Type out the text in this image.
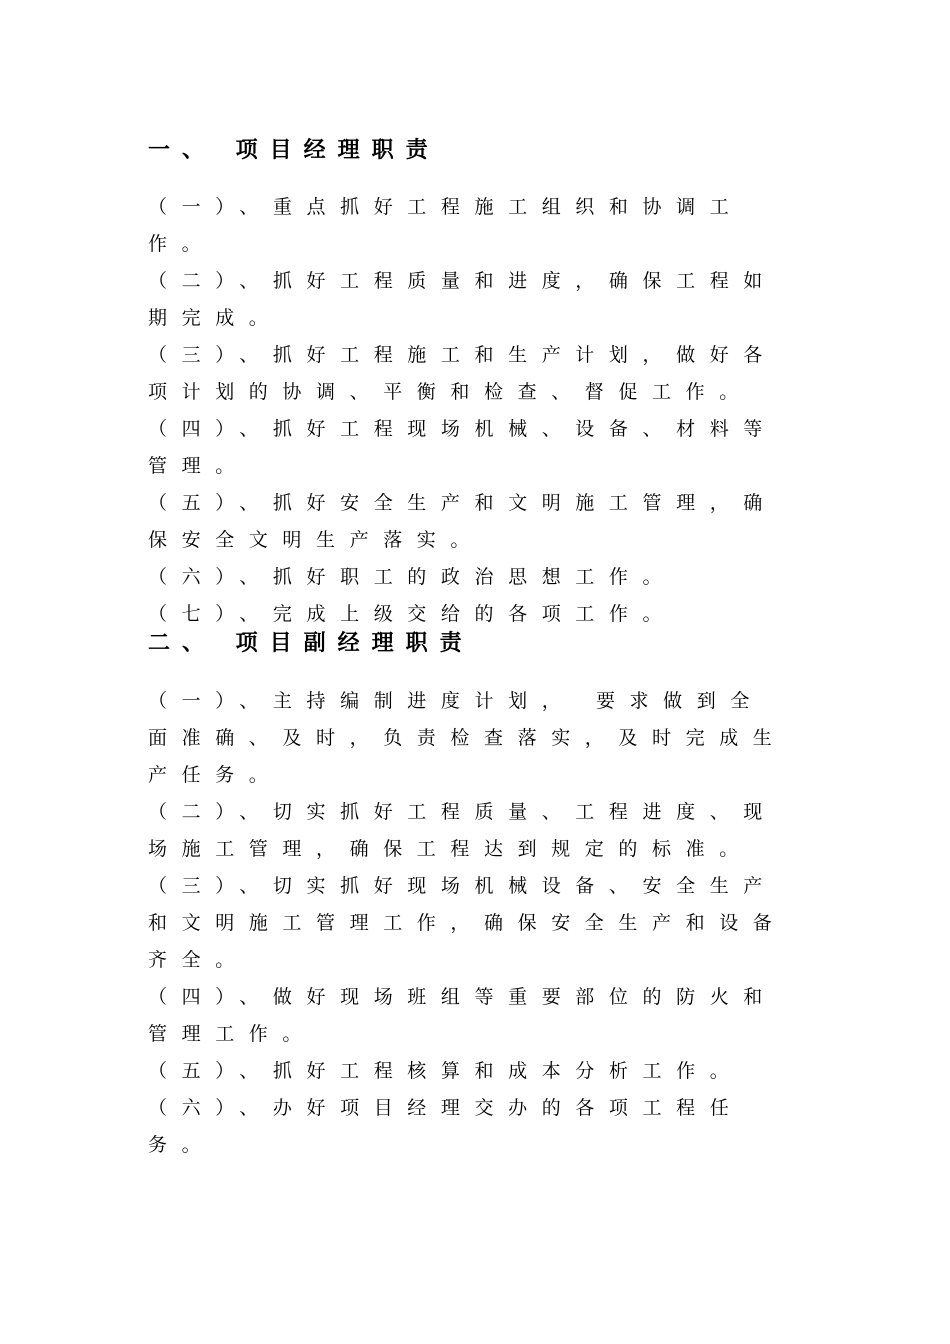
一、 项目经理职责

（一）、重点抓好工程施工组织和协调工作。

（二）、抓好工程质量和进度，确保工程如期完成。

（三）、抓好工程施工和生产计划，做好各项计划的协调、平衡和检查、督促工作。

（四）、抓好工程现场机械、设备、材料等管理。

（五）、抓好安全生产和文明施工管理，确保安全文明生产落实。

（六）、抓好职工的政治思想工作。

（七）、完成上级交给的各项工作。

二、 项目副经理职责

（一）、主持编制进度计划， 要求做到全面准确、及时，负责检查落实，及时完成生产任务。

（二）、切实抓好工程质量、工程进度、现场施工管理，确保工程达到规定的标准。

（三）、切实抓好现场机械设备、安全生产和文明施工管理工作，确保安全生产和设备齐全。

（四）、做好现场班组等重要部位的防火和管理工作。

（五）、抓好工程核算和成本分析工作。

（六）、办好项目经理交办的各项工程任务。
